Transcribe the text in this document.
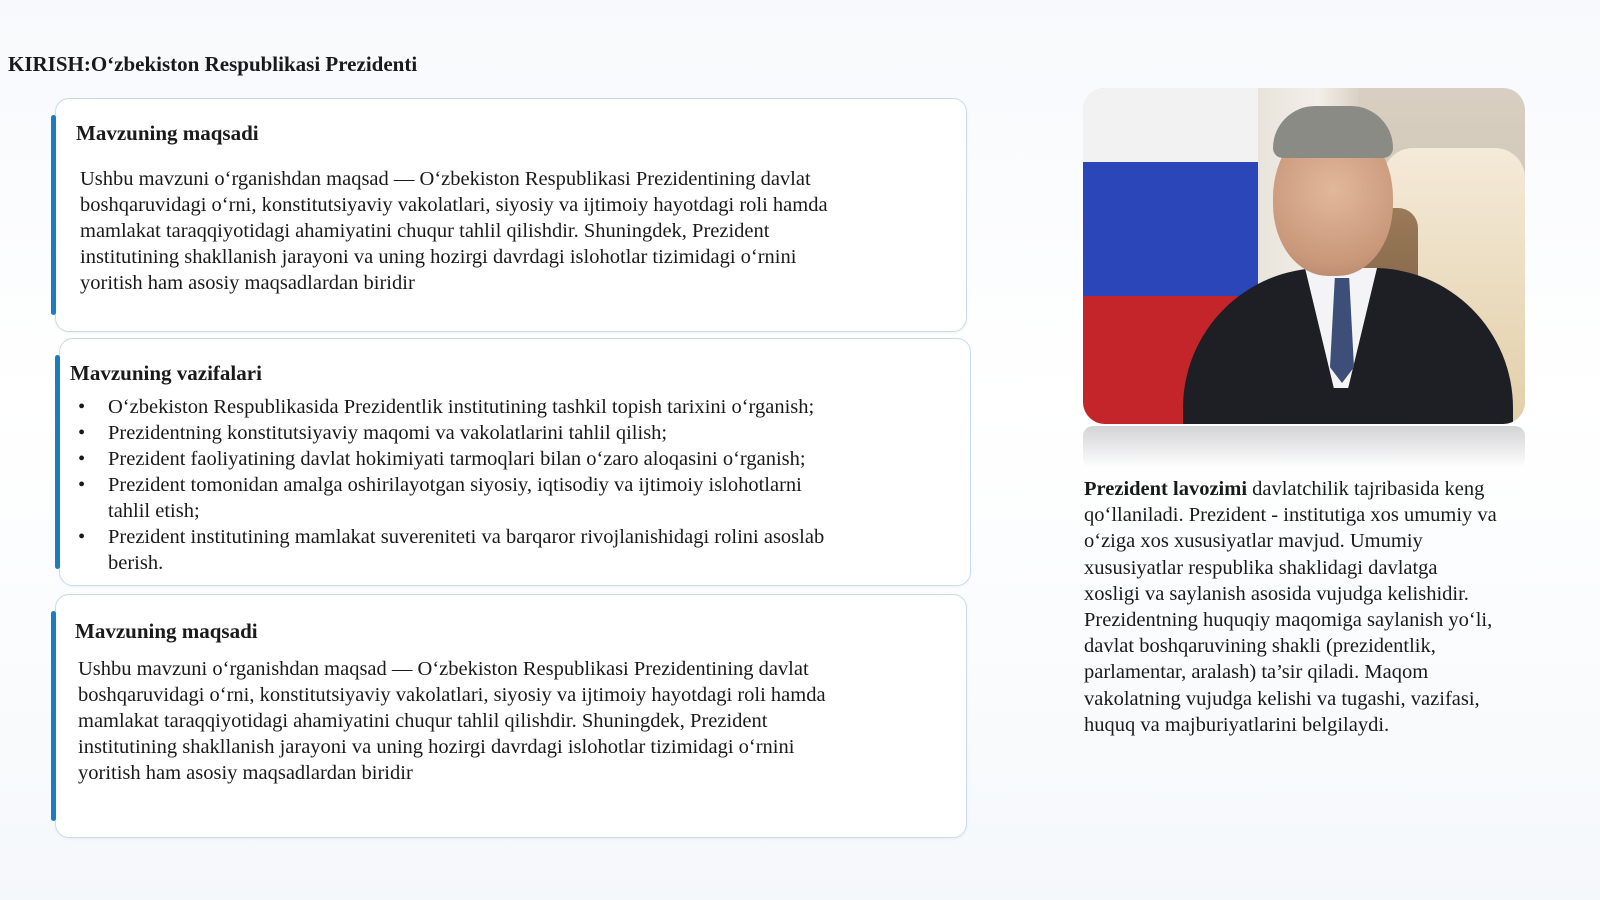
KIRISH:O‘zbekiston Respublikasi Prezidenti
Mavzuning maqsadi

Ushbu mavzuni o‘rganishdan maqsad — O‘zbekiston Respublikasi Prezidentining davlat
boshqaruvidagi o‘rni, konstitutsiyaviy vakolatlari, siyosiy va ijtimoiy hayotdagi roli hamda
mamlakat taraqqiyotidagi ahamiyatini chuqur tahlil qilishdir. Shuningdek, Prezident
institutining shakllanish jarayoni va uning hozirgi davrdagi islohotlar tizimidagi o‘rnini
yoritish ham asosiy maqsadlardan biridir

Mavzuning vazifalari
• O‘zbekiston Respublikasida Prezidentlik institutining tashkil topish tarixini o‘rganish;
• Prezidentning konstitutsiyaviy maqomi va vakolatlarini tahlil qilish;
• Prezident faoliyatining davlat hokimiyati tarmoqlari bilan o‘zaro aloqasini o‘rganish;
• Prezident tomonidan amalga oshirilayotgan siyosiy, iqtisodiy va ijtimoiy islohotlarni
tahlil etish;
• Prezident institutining mamlakat suvereniteti va barqaror rivojlanishidagi rolini asoslab
berish.
Mavzuning maqsadi

Ushbu mavzuni o‘rganishdan maqsad — O‘zbekiston Respublikasi Prezidentining davlat
boshqaruvidagi o‘rni, konstitutsiyaviy vakolatlari, siyosiy va ijtimoiy hayotdagi roli hamda
mamlakat taraqqiyotidagi ahamiyatini chuqur tahlil qilishdir. Shuningdek, Prezident
institutining shakllanish jarayoni va uning hozirgi davrdagi islohotlar tizimidagi o‘rnini
yoritish ham asosiy maqsadlardan biridir

Prezident lavozimi davlatchilik tajribasida keng
qo‘llaniladi. Prezident - institutiga xos umumiy va
o‘ziga xos xususiyatlar mavjud. Umumiy
xususiyatlar respublika shaklidagi davlatga
xosligi va saylanish asosida vujudga kelishidir.
Prezidentning huquqiy maqomiga saylanish yo‘li,
davlat boshqaruvining shakli (prezidentlik,
parlamentar, aralash) ta’sir qiladi. Maqom
vakolatning vujudga kelishi va tugashi, vazifasi,
huquq va majburiyatlarini belgilaydi.
